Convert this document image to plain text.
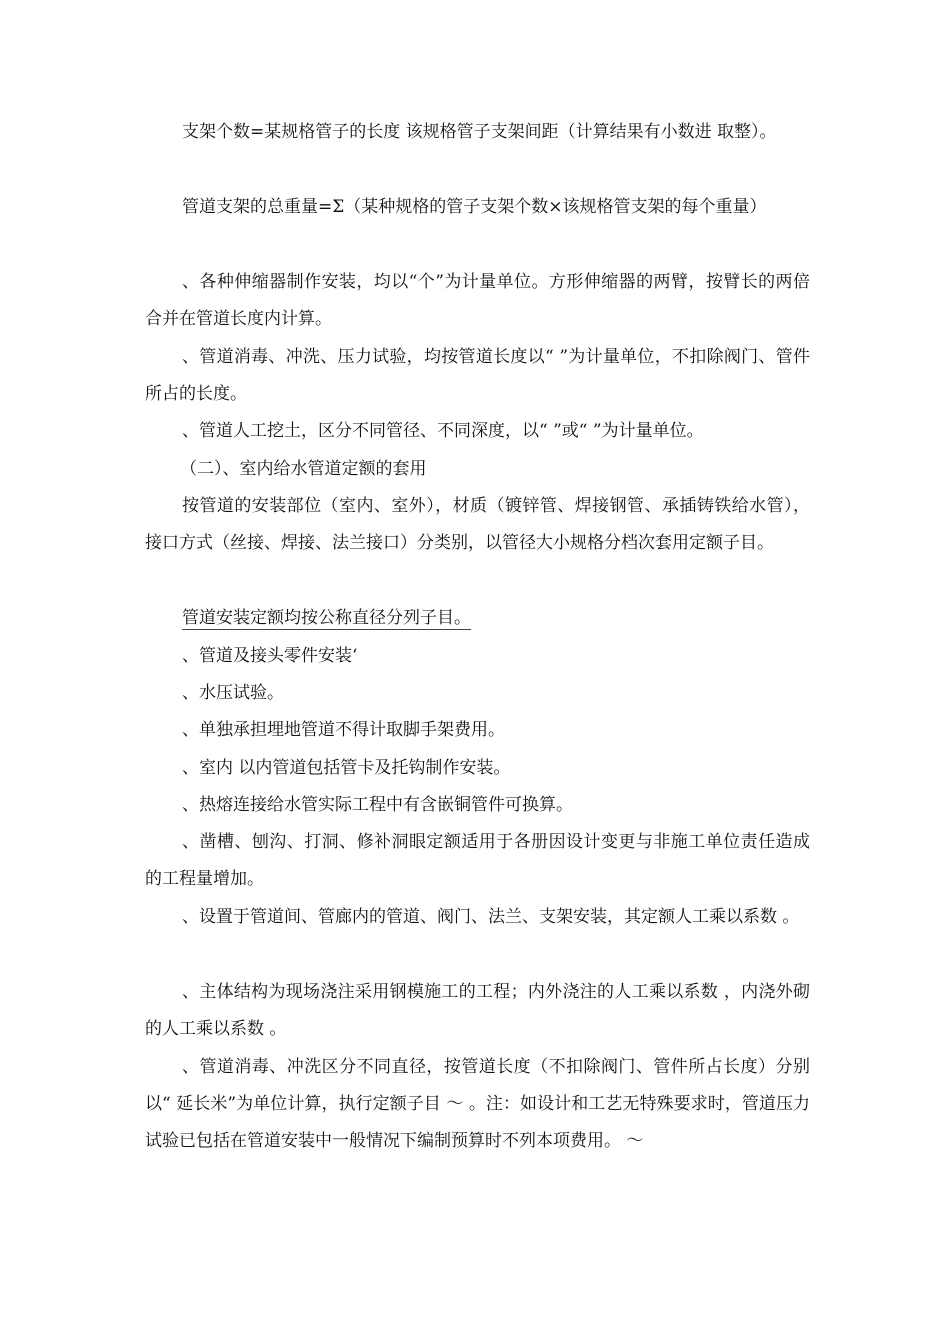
支架个数=某规格管子的长度 该规格管子支架间距（计算结果有小数进 取整）。

管道支架的总重量=Σ（某种规格的管子支架个数×该规格管支架的每个重量）

、各种伸缩器制作安装，均以“个”为计量单位。方形伸缩器的两臂，按臂长的两倍合并在管道长度内计算。

、管道消毒、冲洗、压力试验，均按管道长度以“ ”为计量单位，不扣除阀门、管件所占的长度。

、管道人工挖土，区分不同管径、不同深度，以“ ”或“ ”为计量单位。

（二）、室内给水管道定额的套用

按管道的安装部位（室内、室外），材质（镀锌管、焊接钢管、承插铸铁给水管），接口方式（丝接、焊接、法兰接口）分类别，以管径大小规格分档次套用定额子目。

管道安装定额均按公称直径分列子目。

、管道及接头零件安装‘

、水压试验。

、单独承担埋地管道不得计取脚手架费用。

、室内 以内管道包括管卡及托钩制作安装。

、热熔连接给水管实际工程中有含嵌铜管件可换算。

、凿槽、刨沟、打洞、修补洞眼定额适用于各册因设计变更与非施工单位责任造成的工程量增加。

、设置于管道间、管廊内的管道、阀门、法兰、支架安装，其定额人工乘以系数 。

、主体结构为现场浇注采用钢模施工的工程；内外浇注的人工乘以系数 ，内浇外砌的人工乘以系数 。

、管道消毒、冲洗区分不同直径，按管道长度（不扣除阀门、管件所占长度）分别以“ 延长米”为单位计算，执行定额子目 ～ 。注：如设计和工艺无特殊要求时，管道压力试验已包括在管道安装中一般情况下编制预算时不列本项费用。 ～
